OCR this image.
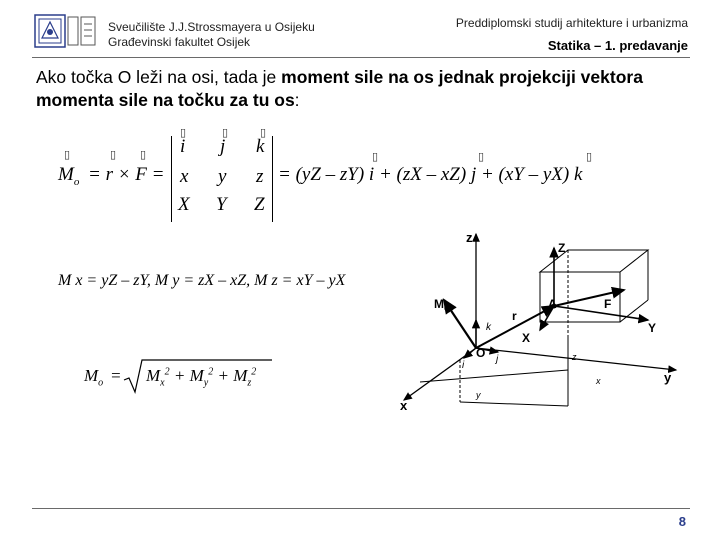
Sveučilište J.J.Strossmayera u Osijeku
Građevinski fakultet Osijek
Preddiplomski studij arhitekture i urbanizma
Statika – 1. predavanje
Ako točka O leži na osi, tada je moment sile na os jednak projekciji vektora momenta sile na točku za tu os:
▯	▯ ▯
▯	▯	▯
▯	▯	▯
$M_o = r \times F$ =
i j k
x y z
X Y Z
= (yZ – zY) i + (zX – xZ) j + (xY – yX) k
M x = yZ – zY, M y = zX – xZ, M z = xY – yX
$M_o = M_x^2 + M_y^2 + M_z^2$
z
y
x
O
Z
F
A
Y
X
r
$M_O$
i
j
k
x
y
z
8
